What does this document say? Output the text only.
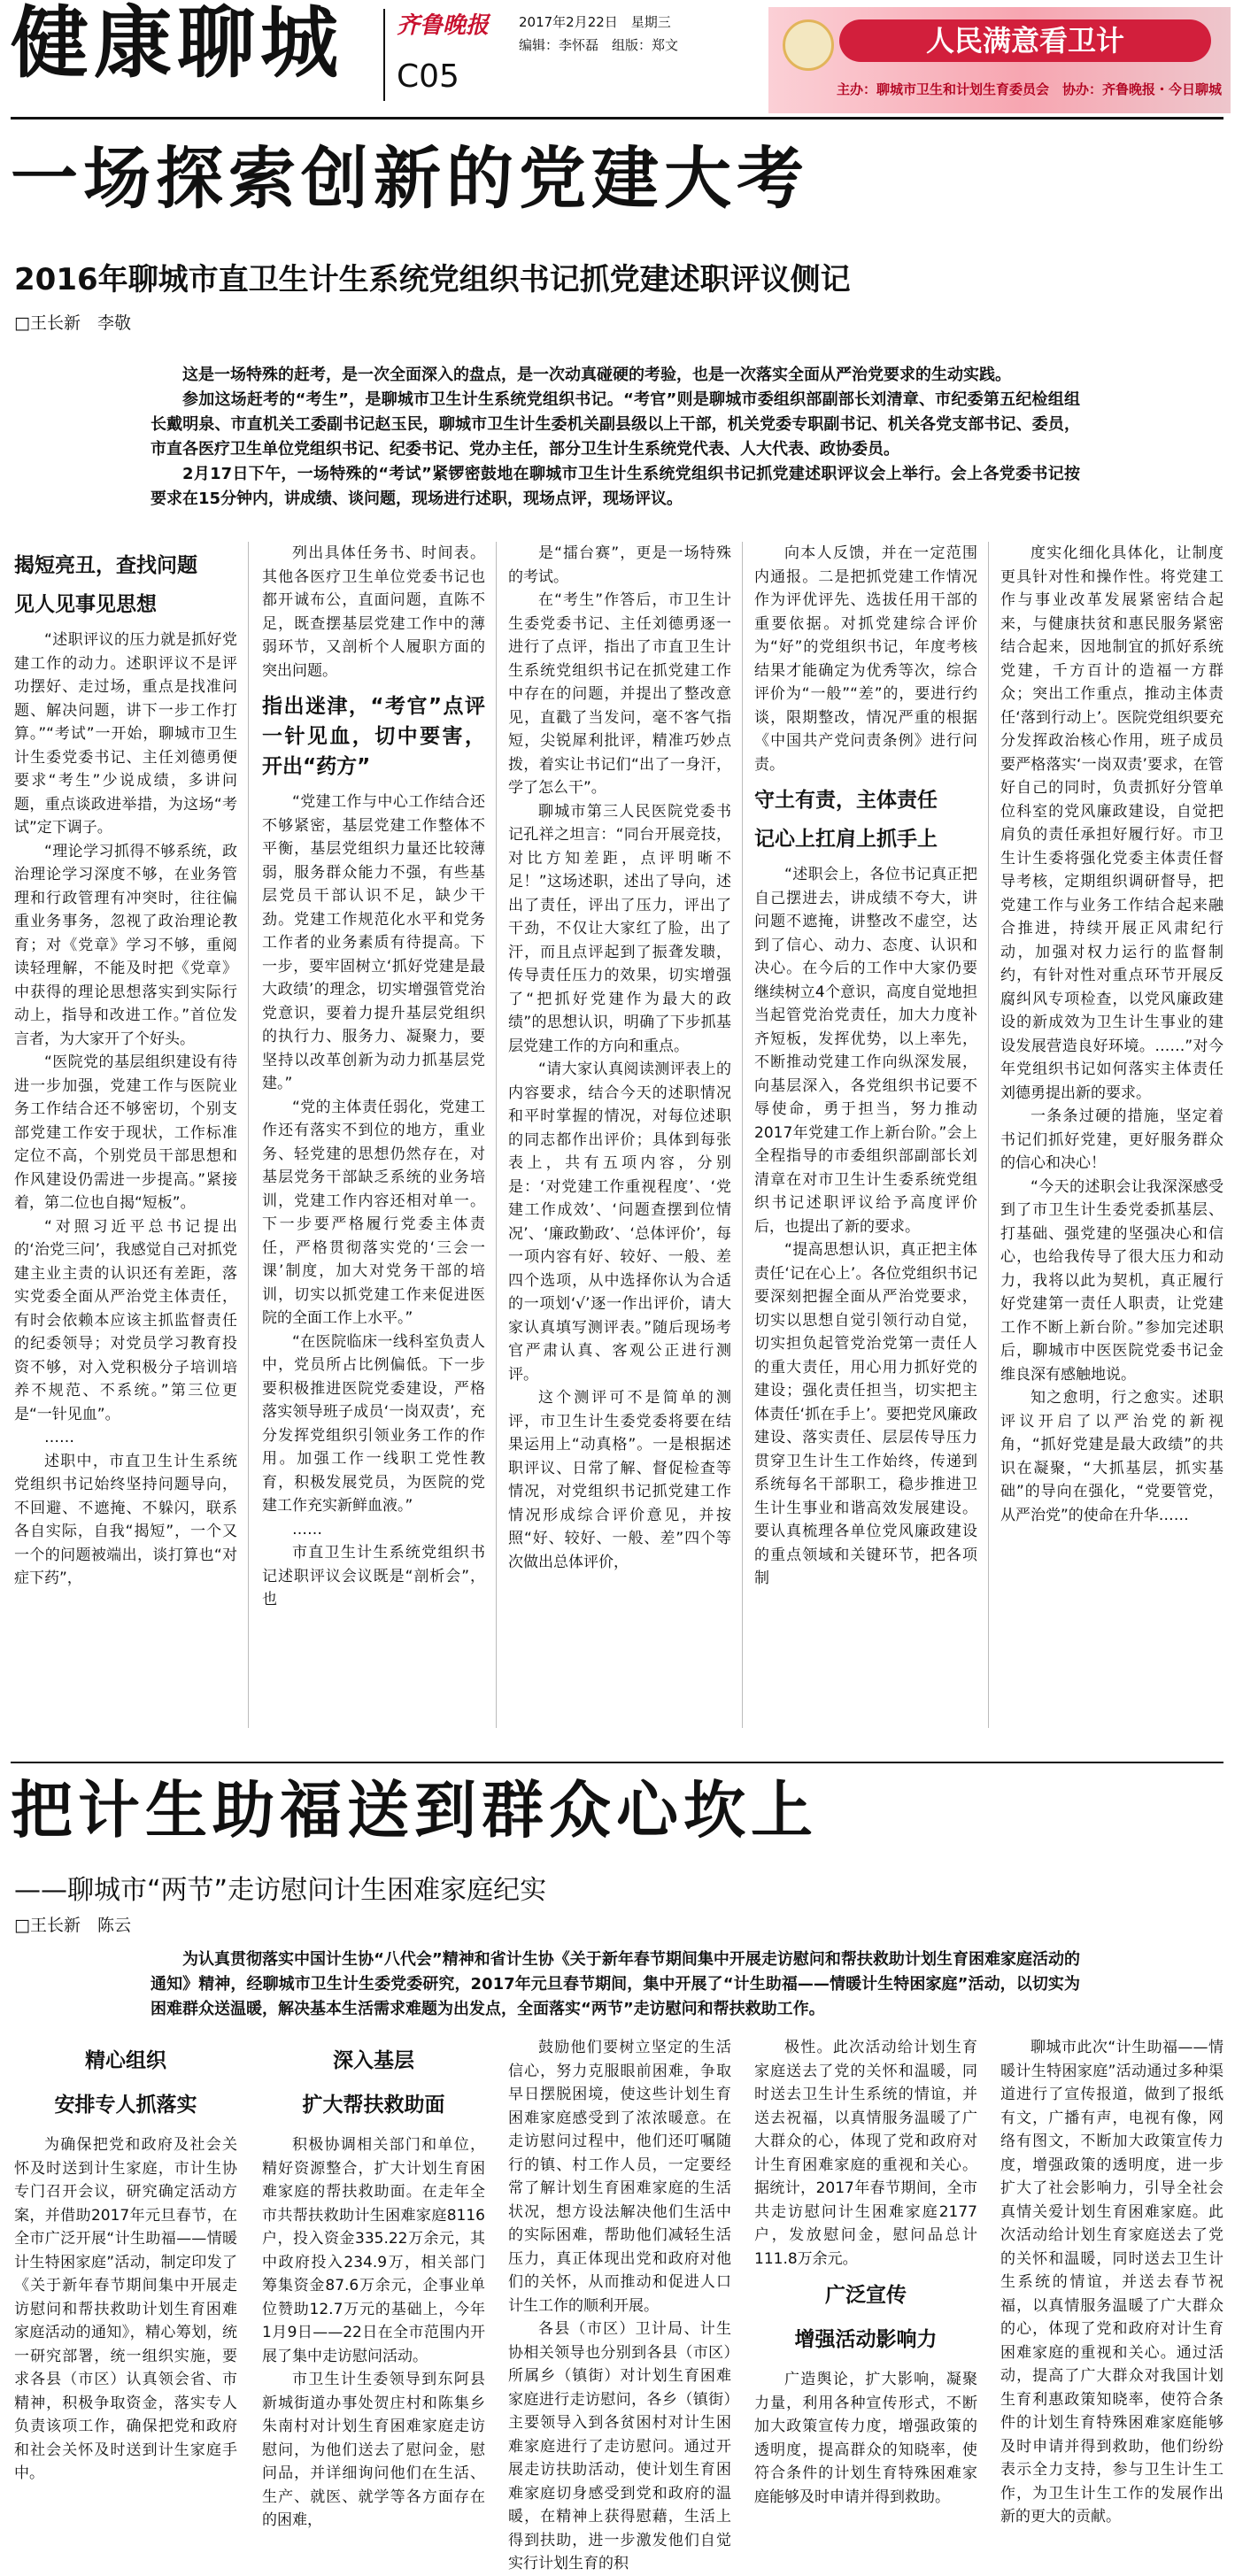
健康聊城 齐鲁晚报 2017年2月22日　星期三
编辑：李怀磊　组版：郑文
C05
人民满意看卫计
主办：聊城市卫生和计划生育委员会　协办：齐鲁晚报・今日聊城
一场探索创新的党建大考
2016年聊城市直卫生计生系统党组织书记抓党建述职评议侧记
□王长新　李敬

这是一场特殊的赶考，是一次全面深入的盘点，是一次动真碰硬的考验，也是一次落实全面从严治党要求的生动实践。

参加这场赶考的“考生”，是聊城市卫生计生系统党组织书记。“考官”则是聊城市委组织部副部长刘清章、市纪委第五纪检组组长戴明泉、市直机关工委副书记赵玉民，聊城市卫生计生委机关副县级以上干部，机关党委专职副书记、机关各党支部书记、委员，市直各医疗卫生单位党组织书记、纪委书记、党办主任，部分卫生计生系统党代表、人大代表、政协委员。

2月17日下午，一场特殊的“考试”紧锣密鼓地在聊城市卫生计生系统党组织书记抓党建述职评议会上举行。会上各党委书记按要求在15分钟内，讲成绩、谈问题，现场进行述职，现场点评，现场评议。

揭短亮丑，查找问题
见人见事见思想

“述职评议的压力就是抓好党建工作的动力。述职评议不是评功摆好、走过场，重点是找准问题、解决问题，讲下一步工作打算。”“考试”一开始，聊城市卫生计生委党委书记、主任刘德勇便要求“考生”少说成绩，多讲问题，重点谈政进举措，为这场“考试”定下调子。

“理论学习抓得不够系统，政治理论学习深度不够，在业务管理和行政管理有冲突时，往往偏重业务事务，忽视了政治理论教育；对《党章》学习不够，重阅读轻理解，不能及时把《党章》中获得的理论思想落实到实际行动上，指导和改进工作。”首位发言者，为大家开了个好头。

“医院党的基层组织建设有待进一步加强，党建工作与医院业务工作结合还不够密切，个别支部党建工作安于现状，工作标准定位不高，个别党员干部思想和作风建设仍需进一步提高。”紧接着，第二位也自揭“短板”。

“对照习近平总书记提出的‘治党三问’，我感觉自己对抓党建主业主责的认识还有差距，落实党委全面从严治党主体责任，有时会依赖本应该主抓监督责任的纪委领导；对党员学习教育投资不够，对入党积极分子培训培养不规范、不系统。”第三位更是“一针见血”。

……

述职中，市直卫生计生系统党组织书记始终坚持问题导向，不回避、不遮掩、不躲闪，联系各自实际，自我“揭短”，一个又一个的问题被端出，谈打算也“对症下药”，

列出具体任务书、时间表。其他各医疗卫生单位党委书记也都开诚布公，直面问题，直陈不足，既查摆基层党建工作中的薄弱环节，又剖析个人履职方面的突出问题。

指出迷津，“考官”点评一针见血，切中要害，开出“药方”

“党建工作与中心工作结合还不够紧密，基层党建工作整体不平衡，基层党组织力量还比较薄弱，服务群众能力不强，有些基层党员干部认识不足，缺少干劲。党建工作规范化水平和党务工作者的业务素质有待提高。下一步，要牢固树立‘抓好党建是最大政绩’的理念，切实增强管党治党意识，要着力提升基层党组织的执行力、服务力、凝聚力，要坚持以改革创新为动力抓基层党建。”

“党的主体责任弱化，党建工作还有落实不到位的地方，重业务、轻党建的思想仍然存在，对基层党务干部缺乏系统的业务培训，党建工作内容还相对单一。下一步要严格履行党委主体责任，严格贯彻落实党的‘三会一课’制度，加大对党务干部的培训，切实以抓党建工作来促进医院的全面工作上水平。”

“在医院临床一线科室负责人中，党员所占比例偏低。下一步要积极推进医院党委建设，严格落实领导班子成员‘一岗双责’，充分发挥党组织引领业务工作的作用。加强工作一线职工党性教育，积极发展党员，为医院的党建工作充实新鲜血液。”

……

市直卫生计生系统党组织书记述职评议会议既是“剖析会”，也

是“擂台赛”，更是一场特殊的考试。

在“考生”作答后，市卫生计生委党委书记、主任刘德勇逐一进行了点评，指出了市直卫生计生系统党组织书记在抓党建工作中存在的问题，并提出了整改意见，直戳了当发问，毫不客气指短，尖锐犀利批评，精准巧妙点拨，着实让书记们“出了一身汗，学了怎么干”。

聊城市第三人民医院党委书记孔祥之坦言：“同台开展竞技，对比方知差距，点评明晰不足！”这场述职，述出了导向，述出了责任，评出了压力，评出了干劲，不仅让大家红了脸，出了汗，而且点评起到了振聋发聩，传导责任压力的效果，切实增强了“把抓好党建作为最大的政绩”的思想认识，明确了下步抓基层党建工作的方向和重点。

“请大家认真阅读测评表上的内容要求，结合今天的述职情况和平时掌握的情况，对每位述职的同志都作出评价；具体到每张表上，共有五项内容，分别是：‘对党建工作重视程度’、‘党建工作成效’、‘问题查摆到位情况’、‘廉政勤政’、‘总体评价’，每一项内容有好、较好、一般、差四个选项，从中选择你认为合适的一项划‘√’逐一作出评价，请大家认真填写测评表。”随后现场考官严肃认真、客观公正进行测评。

这个测评可不是简单的测评，市卫生计生委党委将要在结果运用上“动真格”。一是根据述职评议、日常了解、督促检查等情况，对党组织书记抓党建工作情况形成综合评价意见，并按照“好、较好、一般、差”四个等次做出总体评价，

向本人反馈，并在一定范围内通报。二是把抓党建工作情况作为评优评先、选拔任用干部的重要依据。对抓党建综合评价为“好”的党组织书记，年度考核结果才能确定为优秀等次，综合评价为“一般”“差”的，要进行约谈，限期整改，情况严重的根据《中国共产党问责条例》进行问责。

守土有责，主体责任
记心上扛肩上抓手上

“述职会上，各位书记真正把自己摆进去，讲成绩不夸大，讲问题不遮掩，讲整改不虚空，达到了信心、动力、态度、认识和决心。在今后的工作中大家仍要继续树立4个意识，高度自觉地担当起管党治党责任，加大力度补齐短板，发挥优势，以上率先，不断推动党建工作向纵深发展，向基层深入，各党组织书记要不辱使命，勇于担当，努力推动2017年党建工作上新台阶。”会上全程指导的市委组织部副部长刘清章在对市卫生计生委系统党组织书记述职评议给予高度评价后，也提出了新的要求。

“提高思想认识，真正把主体责任‘记在心上’。各位党组织书记要深刻把握全面从严治党要求，切实以思想自觉引领行动自觉，切实担负起管党治党第一责任人的重大责任，用心用力抓好党的建设；强化责任担当，切实把主体责任‘抓在手上’。要把党风廉政建设、落实责任、层层传导压力贯穿卫生计生工作始终，传递到系统每名干部职工，稳步推进卫生计生事业和谐高效发展建设。要认真梳理各单位党风廉政建设的重点领域和关键环节，把各项制

度实化细化具体化，让制度更具针对性和操作性。将党建工作与事业改革发展紧密结合起来，与健康扶贫和惠民服务紧密结合起来，因地制宜的抓好系统党建，千方百计的造福一方群众；突出工作重点，推动主体责任‘落到行动上’。医院党组织要充分发挥政治核心作用，班子成员要严格落实‘一岗双责’要求，在管好自己的同时，负责抓好分管单位科室的党风廉政建设，自觉把肩负的责任承担好履行好。市卫生计生委将强化党委主体责任督导考核，定期组织调研督导，把党建工作与业务工作结合起来融合推进，持续开展正风肃纪行动，加强对权力运行的监督制约，有针对性对重点环节开展反腐纠风专项检查，以党风廉政建设的新成效为卫生计生事业的建设发展营造良好环境。……”对今年党组织书记如何落实主体责任刘德勇提出新的要求。

一条条过硬的措施，坚定着书记们抓好党建，更好服务群众的信心和决心！

“今天的述职会让我深深感受到了市卫生计生委党委抓基层、打基础、强党建的坚强决心和信心，也给我传导了很大压力和动力，我将以此为契机，真正履行好党建第一责任人职责，让党建工作不断上新台阶。”参加完述职后，聊城市中医医院党委书记金维良深有感触地说。

知之愈明，行之愈实。述职评议开启了以严治党的新视角，“抓好党建是最大政绩”的共识在凝聚，“大抓基层，抓实基础”的导向在强化，“党要管党，从严治党”的使命在升华……

把计生助福送到群众心坎上
——聊城市“两节”走访慰问计生困难家庭纪实
□王长新　陈云

为认真贯彻落实中国计生协“八代会”精神和省计生协《关于新年春节期间集中开展走访慰问和帮扶救助计划生育困难家庭活动的通知》精神，经聊城市卫生计生委党委研究，2017年元旦春节期间，集中开展了“计生助福——情暖计生特困家庭”活动，以切实为困难群众送温暖，解决基本生活需求难题为出发点，全面落实“两节”走访慰问和帮扶救助工作。

精心组织
安排专人抓落实

为确保把党和政府及社会关怀及时送到计生家庭，市计生协专门召开会议，研究确定活动方案，并借助2017年元旦春节，在全市广泛开展“计生助福——情暖计生特困家庭”活动，制定印发了《关于新年春节期间集中开展走访慰问和帮扶救助计划生育困难家庭活动的通知》，精心筹划，统一研究部署，统一组织实施，要求各县（市区）认真领会省、市精神，积极争取资金，落实专人负责该项工作，确保把党和政府和社会关怀及时送到计生家庭手中。

深入基层
扩大帮扶救助面

积极协调相关部门和单位，精好资源整合，扩大计划生育困难家庭的帮扶救助面。在走年全市共帮扶救助计生困难家庭8116户，投入资金335.22万余元，其中政府投入234.9万，相关部门筹集资金87.6万余元，企事业单位赞助12.7万元的基础上，今年1月9日——22日在全市范围内开展了集中走访慰问活动。

市卫生计生委领导到东阿县新城街道办事处贺庄村和陈集乡朱南村对计划生育困难家庭走访慰问，为他们送去了慰问金，慰问品，并详细询问他们在生活、生产、就医、就学等各方面存在的困难，

鼓励他们要树立坚定的生活信心，努力克服眼前困难，争取早日摆脱困境，使这些计划生育困难家庭感受到了浓浓暖意。在走访慰问过程中，他们还叮嘱随行的镇、村工作人员，一定要经常了解计划生育困难家庭的生活状况，想方设法解决他们生活中的实际困难，帮助他们减轻生活压力，真正体现出党和政府对他们的关怀，从而推动和促进人口计生工作的顺利开展。

各县（市区）卫计局、计生协相关领导也分别到各县（市区）所属乡（镇街）对计划生育困难家庭进行走访慰问，各乡（镇街）主要领导入到各贫困村对计生困难家庭进行了走访慰问。通过开展走访扶助活动，使计划生育困难家庭切身感受到党和政府的温暖，在精神上获得慰藉，生活上得到扶助，进一步激发他们自觉实行计划生育的积

极性。此次活动给计划生育家庭送去了党的关怀和温暖，同时送去卫生计生系统的情谊，并送去祝福，以真情服务温暖了广大群众的心，体现了党和政府对计生育困难家庭的重视和关心。据统计，2017年春节期间，全市共走访慰问计生困难家庭2177户，发放慰问金，慰问品总计111.8万余元。

广泛宣传
增强活动影响力

广造舆论，扩大影响，凝聚力量，利用各种宣传形式，不断加大政策宣传力度，增强政策的透明度，提高群众的知晓率，使符合条件的计划生育特殊困难家庭能够及时申请并得到救助。

聊城市此次“计生助福——情暖计生特困家庭”活动通过多种渠道进行了宣传报道，做到了报纸有文，广播有声，电视有像，网络有图文，不断加大政策宣传力度，增强政策的透明度，进一步扩大了社会影响力，引导全社会真情关爱计划生育困难家庭。此次活动给计划生育家庭送去了党的关怀和温暖，同时送去卫生计生系统的情谊，并送去春节祝福，以真情服务温暖了广大群众的心，体现了党和政府对计生育困难家庭的重视和关心。通过活动，提高了广大群众对我国计划生育利惠政策知晓率，使符合条件的计划生育特殊困难家庭能够及时申请并得到救助，他们纷纷表示全力支持，参与卫生计生工作，为卫生计生工作的发展作出新的更大的贡献。
